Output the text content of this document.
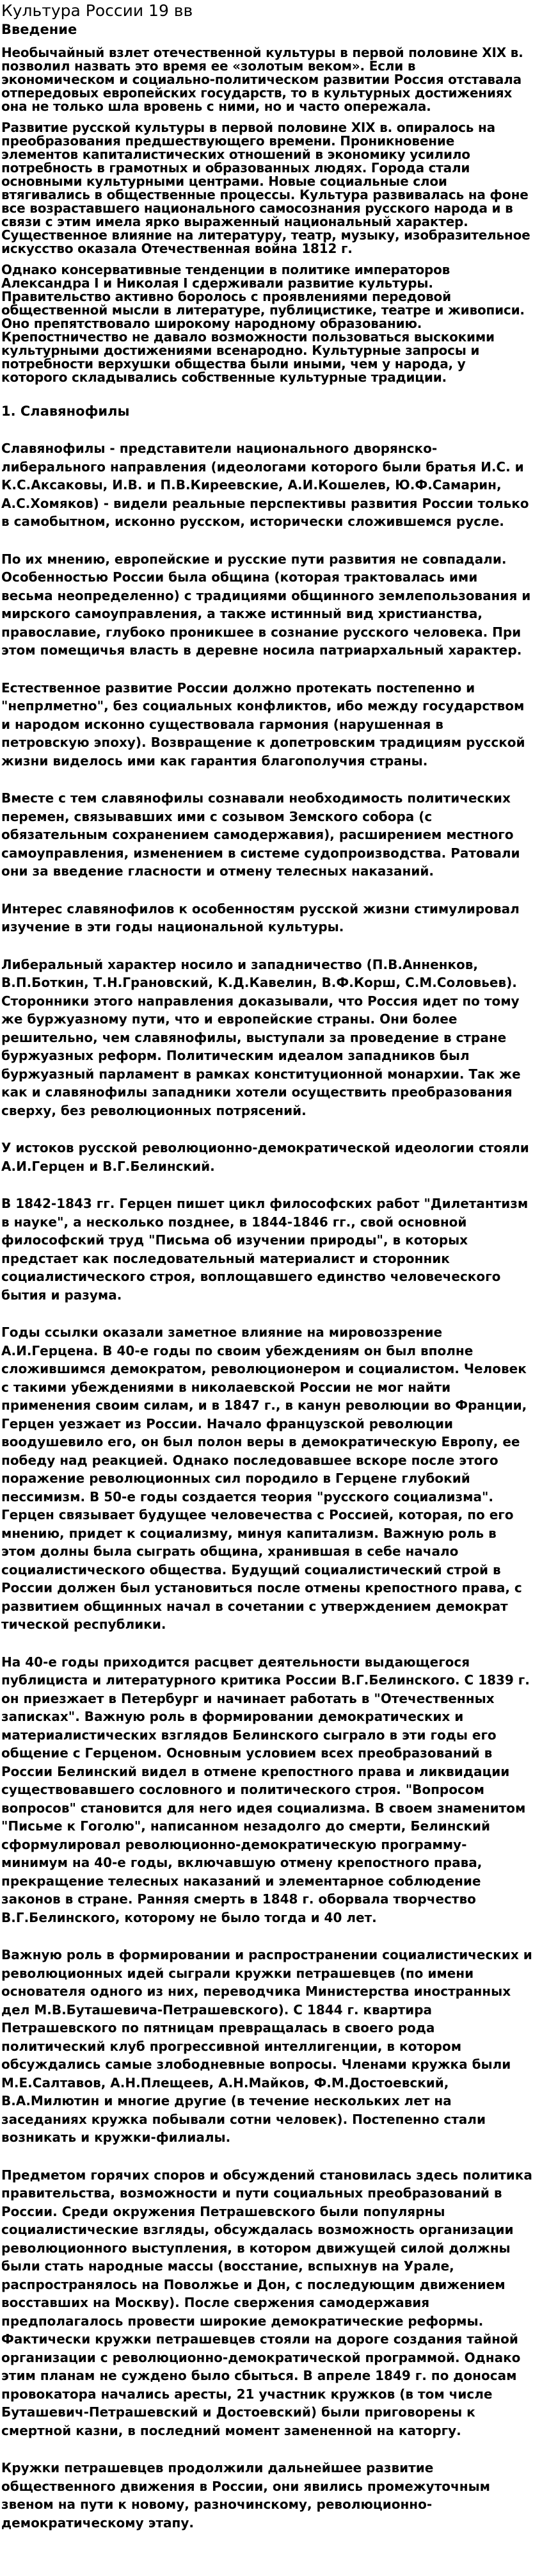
Культура России 19 вв
Введение

Необычайный взлет отечественной культуры в первой половине XIX в. позволил назвать это время ее «золотым веком». Если в экономическом и социально-политическом развитии Россия отставала отпередовых европейских государств, то в культурных достижениях она не только шла вровень с ними, но и часто опережала.

Развитие русской культуры в первой половине XIX в. опиралось на преобразования предшествующего времени. Проникновение элементов капиталистических отношений в экономику усилило потребность в грамотных и образованных людях. Города стали основными культурными центрами. Новые социальные слои втягивались в общественные процессы. Культура развивалась на фоне все возраставшего национального самосознания русского народа и в связи с этим имела ярко выраженный национальный характер. Существенное влияние на литературу, театр, музыку, изобразительное искусство оказала Отечественная война 1812 г.

Однако консервативные тенденции в политике императоров Александра I и Николая I сдерживали развитие культуры. Правительство активно боролось с проявлениями передовой общественной мысли в литературе, публицистике, театре и живописи. Оно препятствовало широкому народному образованию. Крепостничество не давало возможности пользоваться выскокими культурными достижениями всенародно. Культурные запросы и потребности верхушки общества были иными, чем у народа, у которого складывались собственные культурные традиции.

1. Славянофилы

Славянофилы - представители национального дворянско-либерального направления (идеологами которого были братья И.С. и К.С.Аксаковы, И.В. и П.В.Киреевские, А.И.Кошелев, Ю.Ф.Самарин, А.С.Хомяков) - видели реальные перспективы развития России только в самобытном, исконно русском, исторически сложившемся русле.

По их мнению, европейские и русские пути развития не совпадали. Особенностью России была община (которая трактовалась ими весьма неопределенно) с традициями общинного землепользования и мирского самоуправления, а также истинный вид христианства, православие, глубоко проникшее в сознание русского человека. При этом помещичья власть в деревне носила патриархальный характер.

Естественное развитие России должно протекать постепенно и "непрлметно", без социальных конфликтов, ибо между государством и народом исконно существовала гармония (нарушенная в петровскую эпоху). Возвращение к допетровским традициям русской жизни виделось ими как гарантия благополучия страны.

Вместе с тем славянофилы сознавали необходимость политических перемен, связывавших ими с созывом Земского собора (с обязательным сохранением самодержавия), расширением местного самоуправления, изменением в системе судопроизводства. Ратовали они за введение гласности и отмену телесных наказаний.

Интерес славянофилов к особенностям русской жизни стимулировал изучение в эти годы национальной культуры.

Либеральный характер носило и западничество (П.В.Анненков, В.П.Боткин, Т.Н.Грановский, К.Д.Кавелин, В.Ф.Корш, С.М.Соловьев). Сторонники этого направления доказывали, что Россия идет по тому же буржуазному пути, что и европейские страны. Они более решительно, чем славянофилы, выступали за проведение в стране буржуазных реформ. Политическим идеалом западников был буржуазный парламент в рамках конституционной монархии. Так же как и славянофилы западники хотели осуществить преобразования сверху, без революционных потрясений.

У истоков русской революционно-демократической идеологии стояли А.И.Герцен и В.Г.Белинский.

В 1842-1843 гг. Герцен пишет цикл философских работ "Дилетантизм в науке", а несколько позднее, в 1844-1846 гг., свой основной философский труд "Письма об изучении природы", в которых предстает как последовательный материалист и сторонник социалистического строя, воплощавшего единство человеческого бытия и разума.

Годы ссылки оказали заметное влияние на мировоззрение А.И.Герцена. В 40-е годы по своим убеждениям он был вполне сложившимся демократом, революционером и социалистом. Человек с такими убеждениями в николаевской России не мог найти применения своим силам, и в 1847 г., в канун революции во Франции, Герцен уезжает из России. Начало французской революции воодушевило его, он был полон веры в демократическую Европу, ее победу над реакцией. Однако последовавшее вскоре после этого поражение революционных сил породило в Герцене глубокий пессимизм. В 50-е годы создается теория "русского социализма". Герцен связывает будущее человечества с Россией, которая, по его мнению, придет к социализму, минуя капитализм. Важную роль в этом долны была сыграть община, хранившая в себе начало социалистического общества. Будущий социалистический строй в России должен был установиться после отмены крепостного права, с развитием общинных начал в сочетании с утверждением демократ тической республики.

На 40-е годы приходится расцвет деятельности выдающегося публициста и литературного критика России В.Г.Белинского. С 1839 г. он приезжает в Петербург и начинает работать в "Отечественных записках". Важную роль в формировании демократических и материалистических взглядов Белинского сыграло в эти годы его общение с Герценом. Основным условием всех преобразований в России Белинский видел в отмене крепостного права и ликвидации существовавшего сословного и политического строя. "Вопросом вопросов" становится для него идея социализма. В своем знаменитом "Письме к Гоголю", написанном незадолго до смерти, Белинский сформулировал революционно-демократическую программу-минимум на 40-е годы, включавшую отмену крепостного права, прекращение телесных наказаний и элементарное соблюдение законов в стране. Ранняя смерть в 1848 г. оборвала творчество В.Г.Белинского, которому не было тогда и 40 лет.

Важную роль в формировании и распространении социалистических и революционных идей сыграли кружки петрашевцев (по имени основателя одного из них, переводчика Министерства иностранных дел М.В.Буташевича-Петрашевского). С 1844 г. квартира Петрашевского по пятницам превращалась в своего рода политический клуб прогрессивной интеллигенции, в котором обсуждались самые злободневные вопросы. Членами кружка были М.Е.Салтавов, А.Н.Плещеев, А.Н.Майков, Ф.М.Достоевский, В.А.Милютин и многие другие (в течение нескольких лет на заседаниях кружка побывали сотни человек). Постепенно стали возникать и кружки-филиалы.

Предметом горячих споров и обсуждений становилась здесь политика правительства, возможности и пути социальных преобразований в России. Среди окружения Петрашевского были популярны социалистические взгляды, обсуждалась возможность организации революционного выступления, в котором движущей силой должны были стать народные массы (восстание, вспыхнув на Урале, распространялось на Поволжье и Дон, с последующим движением восставших на Москву). После свержения самодержавия предполагалось провести широкие демократические реформы. Фактически кружки петрашевцев стояли на дороге создания тайной организации с революционно-демократической программой. Однако этим планам не суждено было сбыться. В апреле 1849 г. по доносам провокатора начались аресты, 21 участник кружков (в том числе Буташевич-Петрашевский и Достоевский) были приговорены к смертной казни, в последний момент замененной на каторгу.

Кружки петрашевцев продолжили дальнейшее развитие общественного движения в России, они явились промежуточным звеном на пути к новому, разночинскому, революционно-демократическому этапу.
